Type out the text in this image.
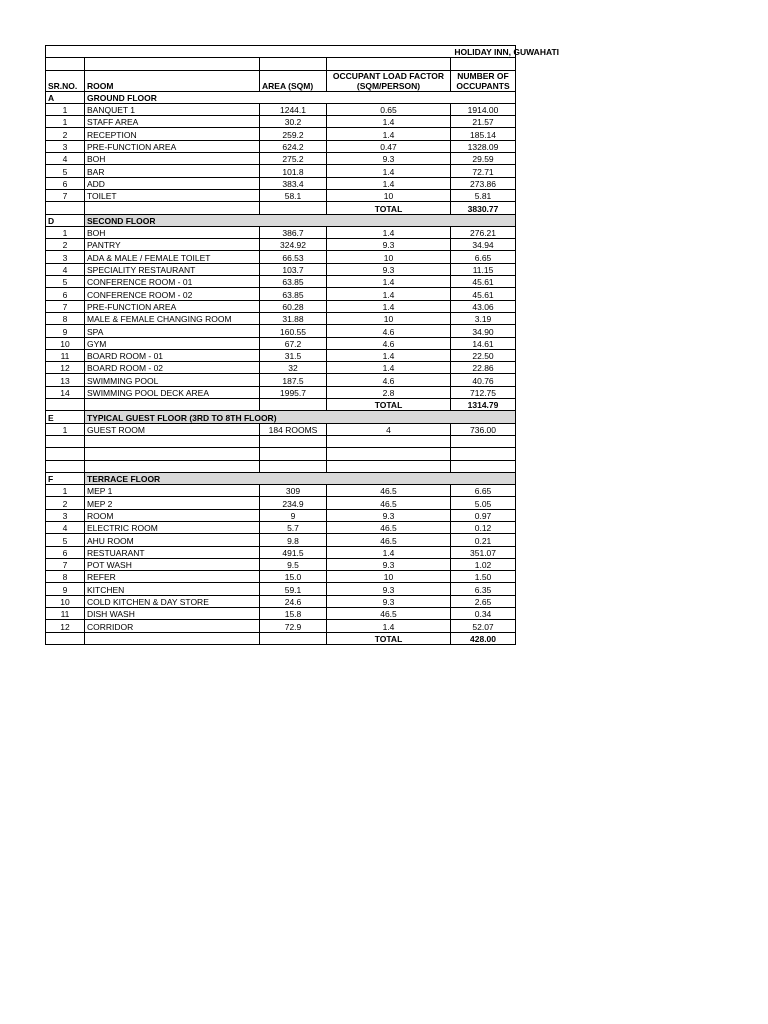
HOLIDAY INN, GUWAHATI				

SR.NO.	ROOM	AREA (SQM)	OCCUPANT LOAD FACTOR (SQM/PERSON)	NUMBER OF OCCUPANTS
A	GROUND FLOOR			
1	BANQUET 1	1244.1	0.65	1914.00
1	STAFF AREA	30.2	1.4	21.57
2	RECEPTION	259.2	1.4	185.14
3	PRE-FUNCTION AREA	624.2	0.47	1328.09
4	BOH	275.2	9.3	29.59
5	BAR	101.8	1.4	72.71
6	ADD	383.4	1.4	273.86
7	TOILET	58.1	10	5.81
			TOTAL	3830.77
D	SECOND FLOOR			
1	BOH	386.7	1.4	276.21
2	PANTRY	324.92	9.3	34.94
3	ADA & MALE / FEMALE TOILET	66.53	10	6.65
4	SPECIALITY RESTAURANT	103.7	9.3	11.15
5	CONFERENCE ROOM - 01	63.85	1.4	45.61
6	CONFERENCE ROOM - 02	63.85	1.4	45.61
7	PRE-FUNCTION AREA	60.28	1.4	43.06
8	MALE & FEMALE CHANGING ROOM	31.88	10	3.19
9	SPA	160.55	4.6	34.90
10	GYM	67.2	4.6	14.61
11	BOARD ROOM - 01	31.5	1.4	22.50
12	BOARD ROOM - 02	32	1.4	22.86
13	SWIMMING POOL	187.5	4.6	40.76
14	SWIMMING POOL DECK AREA	1995.7	2.8	712.75
			TOTAL	1314.79
E	TYPICAL GUEST FLOOR (3RD TO 8TH FLOOR)			
1	GUEST ROOM	184 ROOMS	4	736.00

F	TERRACE FLOOR			
1	MEP 1	309	46.5	6.65
2	MEP 2	234.9	46.5	5.05
3	ROOM	9	9.3	0.97
4	ELECTRIC ROOM	5.7	46.5	0.12
5	AHU ROOM	9.8	46.5	0.21
6	RESTUARANT	491.5	1.4	351.07
7	POT WASH	9.5	9.3	1.02
8	REFER	15.0	10	1.50
9	KITCHEN	59.1	9.3	6.35
10	COLD KITCHEN & DAY STORE	24.6	9.3	2.65
11	DISH WASH	15.8	46.5	0.34
12	CORRIDOR	72.9	1.4	52.07
			TOTAL	428.00
